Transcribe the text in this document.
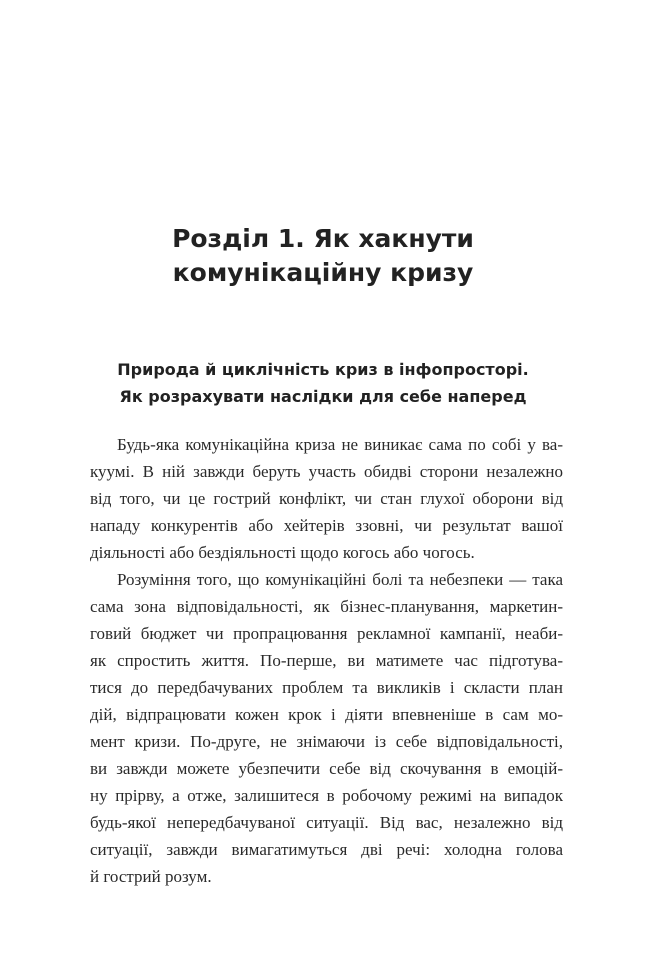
Розділ 1. Як хакнути
комунікаційну кризу
Природа й циклічність криз в інфопросторі.
Як розрахувати наслідки для себе наперед
Будь-яка комунікаційна криза не виникає сама по собі у ва-
куумі. В ній завжди беруть участь обидві сторони незалежно
від того, чи це гострий конфлікт, чи стан глухої оборони від
нападу конкурентів або хейтерів ззовні, чи результат вашої
діяльності або бездіяльності щодо когось або чогось.
Розуміння того, що комунікаційні болі та небезпеки — така
сама зона відповідальності, як бізнес-планування, маркетин-
говий бюджет чи пропрацювання рекламної кампанії, неаби-
як спростить життя. По-перше, ви матимете час підготува-
тися до передбачуваних проблем та викликів і скласти план
дій, відпрацювати кожен крок і діяти впевненіше в сам мо-
мент кризи. По-друге, не знімаючи із себе відповідальності,
ви завжди можете убезпечити себе від скочування в емоцій-
ну прірву, а отже, залишитеся в робочому режимі на випадок
будь-якої непередбачуваної ситуації. Від вас, незалежно від
ситуації, завжди вимагатимуться дві речі: холодна голова
й гострий розум.
